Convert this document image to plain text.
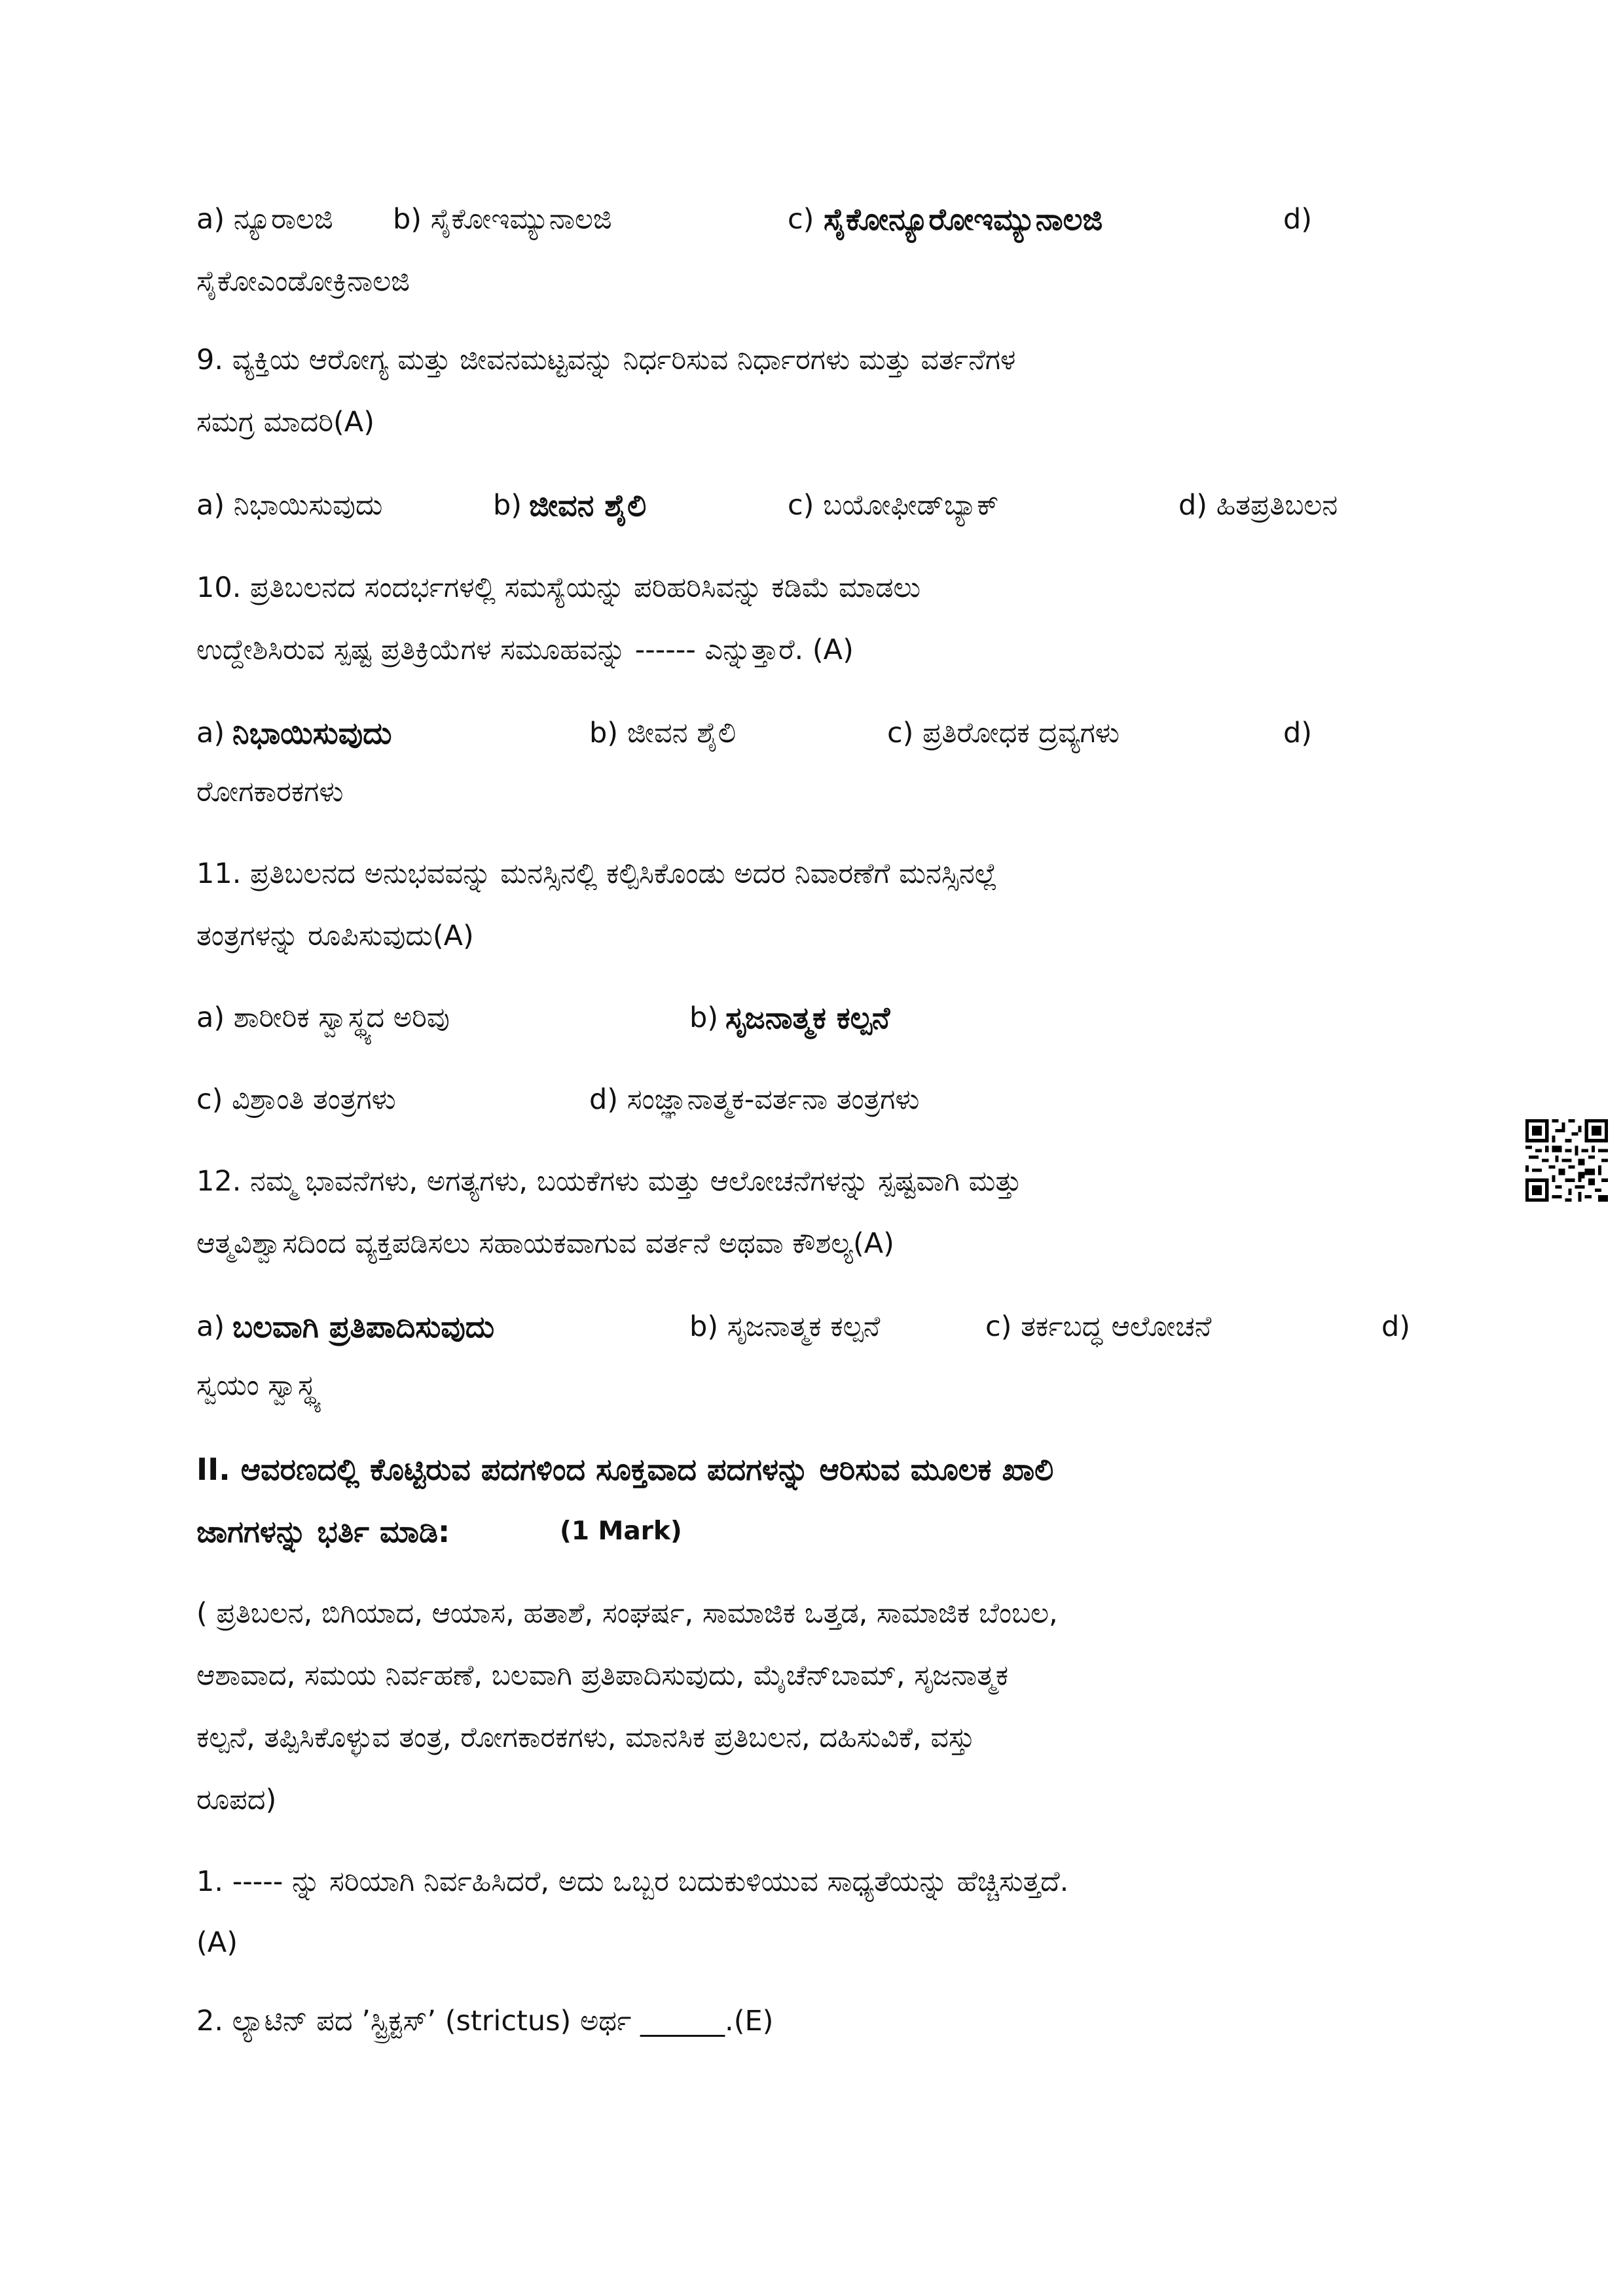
a) ನ್ಯೂರಾಲಜಿ b) ಸೈಕೋಇಮ್ಯುನಾಲಜಿ	c) ಸೈಕೋನ್ಯೂರೋಇಮ್ಯುನಾಲಜಿ	d)
ಸೈಕೋಎಂಡೋಕ್ರಿನಾಲಜಿ
9. ವ್ಯಕ್ತಿಯ ಆರೋಗ್ಯ ಮತ್ತು ಜೀವನಮಟ್ಟವನ್ನು ನಿರ್ಧರಿಸುವ ನಿರ್ಧಾರಗಳು ಮತ್ತು ವರ್ತನೆಗಳ
ಸಮಗ್ರ ಮಾದರಿ(A)
a) ನಿಭಾಯಿಸುವುದು	b) ಜೀವನ ಶೈಲಿ	c) ಬಯೋಫೀಡ್‌ಬ್ಯಾಕ್	d) ಹಿತಪ್ರತಿಬಲನ
10. ಪ್ರತಿಬಲನದ ಸಂದರ್ಭಗಳಲ್ಲಿ ಸಮಸ್ಯೆಯನ್ನು ಪರಿಹರಿಸಿವನ್ನು ಕಡಿಮೆ ಮಾಡಲು
ಉದ್ದೇಶಿಸಿರುವ ಸ್ಪಷ್ಟ ಪ್ರತಿಕ್ರಿಯೆಗಳ ಸಮೂಹವನ್ನು ------ ಎನ್ನುತ್ತಾರೆ. (A)
a) ನಿಭಾಯಿಸುವುದು	b) ಜೀವನ ಶೈಲಿ	c) ಪ್ರತಿರೋಧಕ ದ್ರವ್ಯಗಳು	d)
ರೋಗಕಾರಕಗಳು
11. ಪ್ರತಿಬಲನದ ಅನುಭವವನ್ನು ಮನಸ್ಸಿನಲ್ಲಿ ಕಲ್ಪಿಸಿಕೊಂಡು ಅದರ ನಿವಾರಣೆಗೆ ಮನಸ್ಸಿನಲ್ಲೆ
ತಂತ್ರಗಳನ್ನು ರೂಪಿಸುವುದು(A)
a) ಶಾರೀರಿಕ ಸ್ವಾಸ್ಥ್ಯದ ಅರಿವು	b) ಸೃಜನಾತ್ಮಕ ಕಲ್ಪನೆ
c) ವಿಶ್ರಾಂತಿ ತಂತ್ರಗಳು	d) ಸಂಜ್ಞಾನಾತ್ಮಕ-ವರ್ತನಾ ತಂತ್ರಗಳು
12. ನಮ್ಮ ಭಾವನೆಗಳು, ಅಗತ್ಯಗಳು, ಬಯಕೆಗಳು ಮತ್ತು ಆಲೋಚನೆಗಳನ್ನು ಸ್ಪಷ್ಟವಾಗಿ ಮತ್ತು
ಆತ್ಮವಿಶ್ವಾಸದಿಂದ ವ್ಯಕ್ತಪಡಿಸಲು ಸಹಾಯಕವಾಗುವ ವರ್ತನೆ ಅಥವಾ ಕೌಶಲ್ಯ(A)
a) ಬಲವಾಗಿ ಪ್ರತಿಪಾದಿಸುವುದು	b) ಸೃಜನಾತ್ಮಕ ಕಲ್ಪನೆ	c) ತರ್ಕಬದ್ಧ ಆಲೋಚನೆ	d)
ಸ್ವಯಂ ಸ್ವಾಸ್ಥ್ಯ
II. ಆವರಣದಲ್ಲಿ ಕೊಟ್ಟಿರುವ ಪದಗಳಿಂದ ಸೂಕ್ತವಾದ ಪದಗಳನ್ನು ಆರಿಸುವ ಮೂಲಕ ಖಾಲಿ
ಜಾಗಗಳನ್ನು ಭರ್ತಿ ಮಾಡಿ:	(1 Mark)
( ಪ್ರತಿಬಲನ, ಬಿಗಿಯಾದ, ಆಯಾಸ, ಹತಾಶೆ, ಸಂಘರ್ಷ, ಸಾಮಾಜಿಕ ಒತ್ತಡ, ಸಾಮಾಜಿಕ ಬೆಂಬಲ,
ಆಶಾವಾದ, ಸಮಯ ನಿರ್ವಹಣೆ, ಬಲವಾಗಿ ಪ್ರತಿಪಾದಿಸುವುದು, ಮೈಚೆನ್‌ಬಾಮ್, ಸೃಜನಾತ್ಮಕ
ಕಲ್ಪನೆ, ತಪ್ಪಿಸಿಕೊಳ್ಳುವ ತಂತ್ರ, ರೋಗಕಾರಕಗಳು, ಮಾನಸಿಕ ಪ್ರತಿಬಲನ, ದಹಿಸುವಿಕೆ, ವಸ್ತು
ರೂಪದ)
1. ----- ನ್ನು ಸರಿಯಾಗಿ ನಿರ್ವಹಿಸಿದರೆ, ಅದು ಒಬ್ಬರ ಬದುಕುಳಿಯುವ ಸಾಧ್ಯತೆಯನ್ನು ಹೆಚ್ಚಿಸುತ್ತದೆ.
(A)
2. ಲ್ಯಾಟಿನ್ ಪದ ’ಸ್ಟ್ರಿಕ್ಟಸ್’ (strictus) ಅರ್ಥ ______.(E)
